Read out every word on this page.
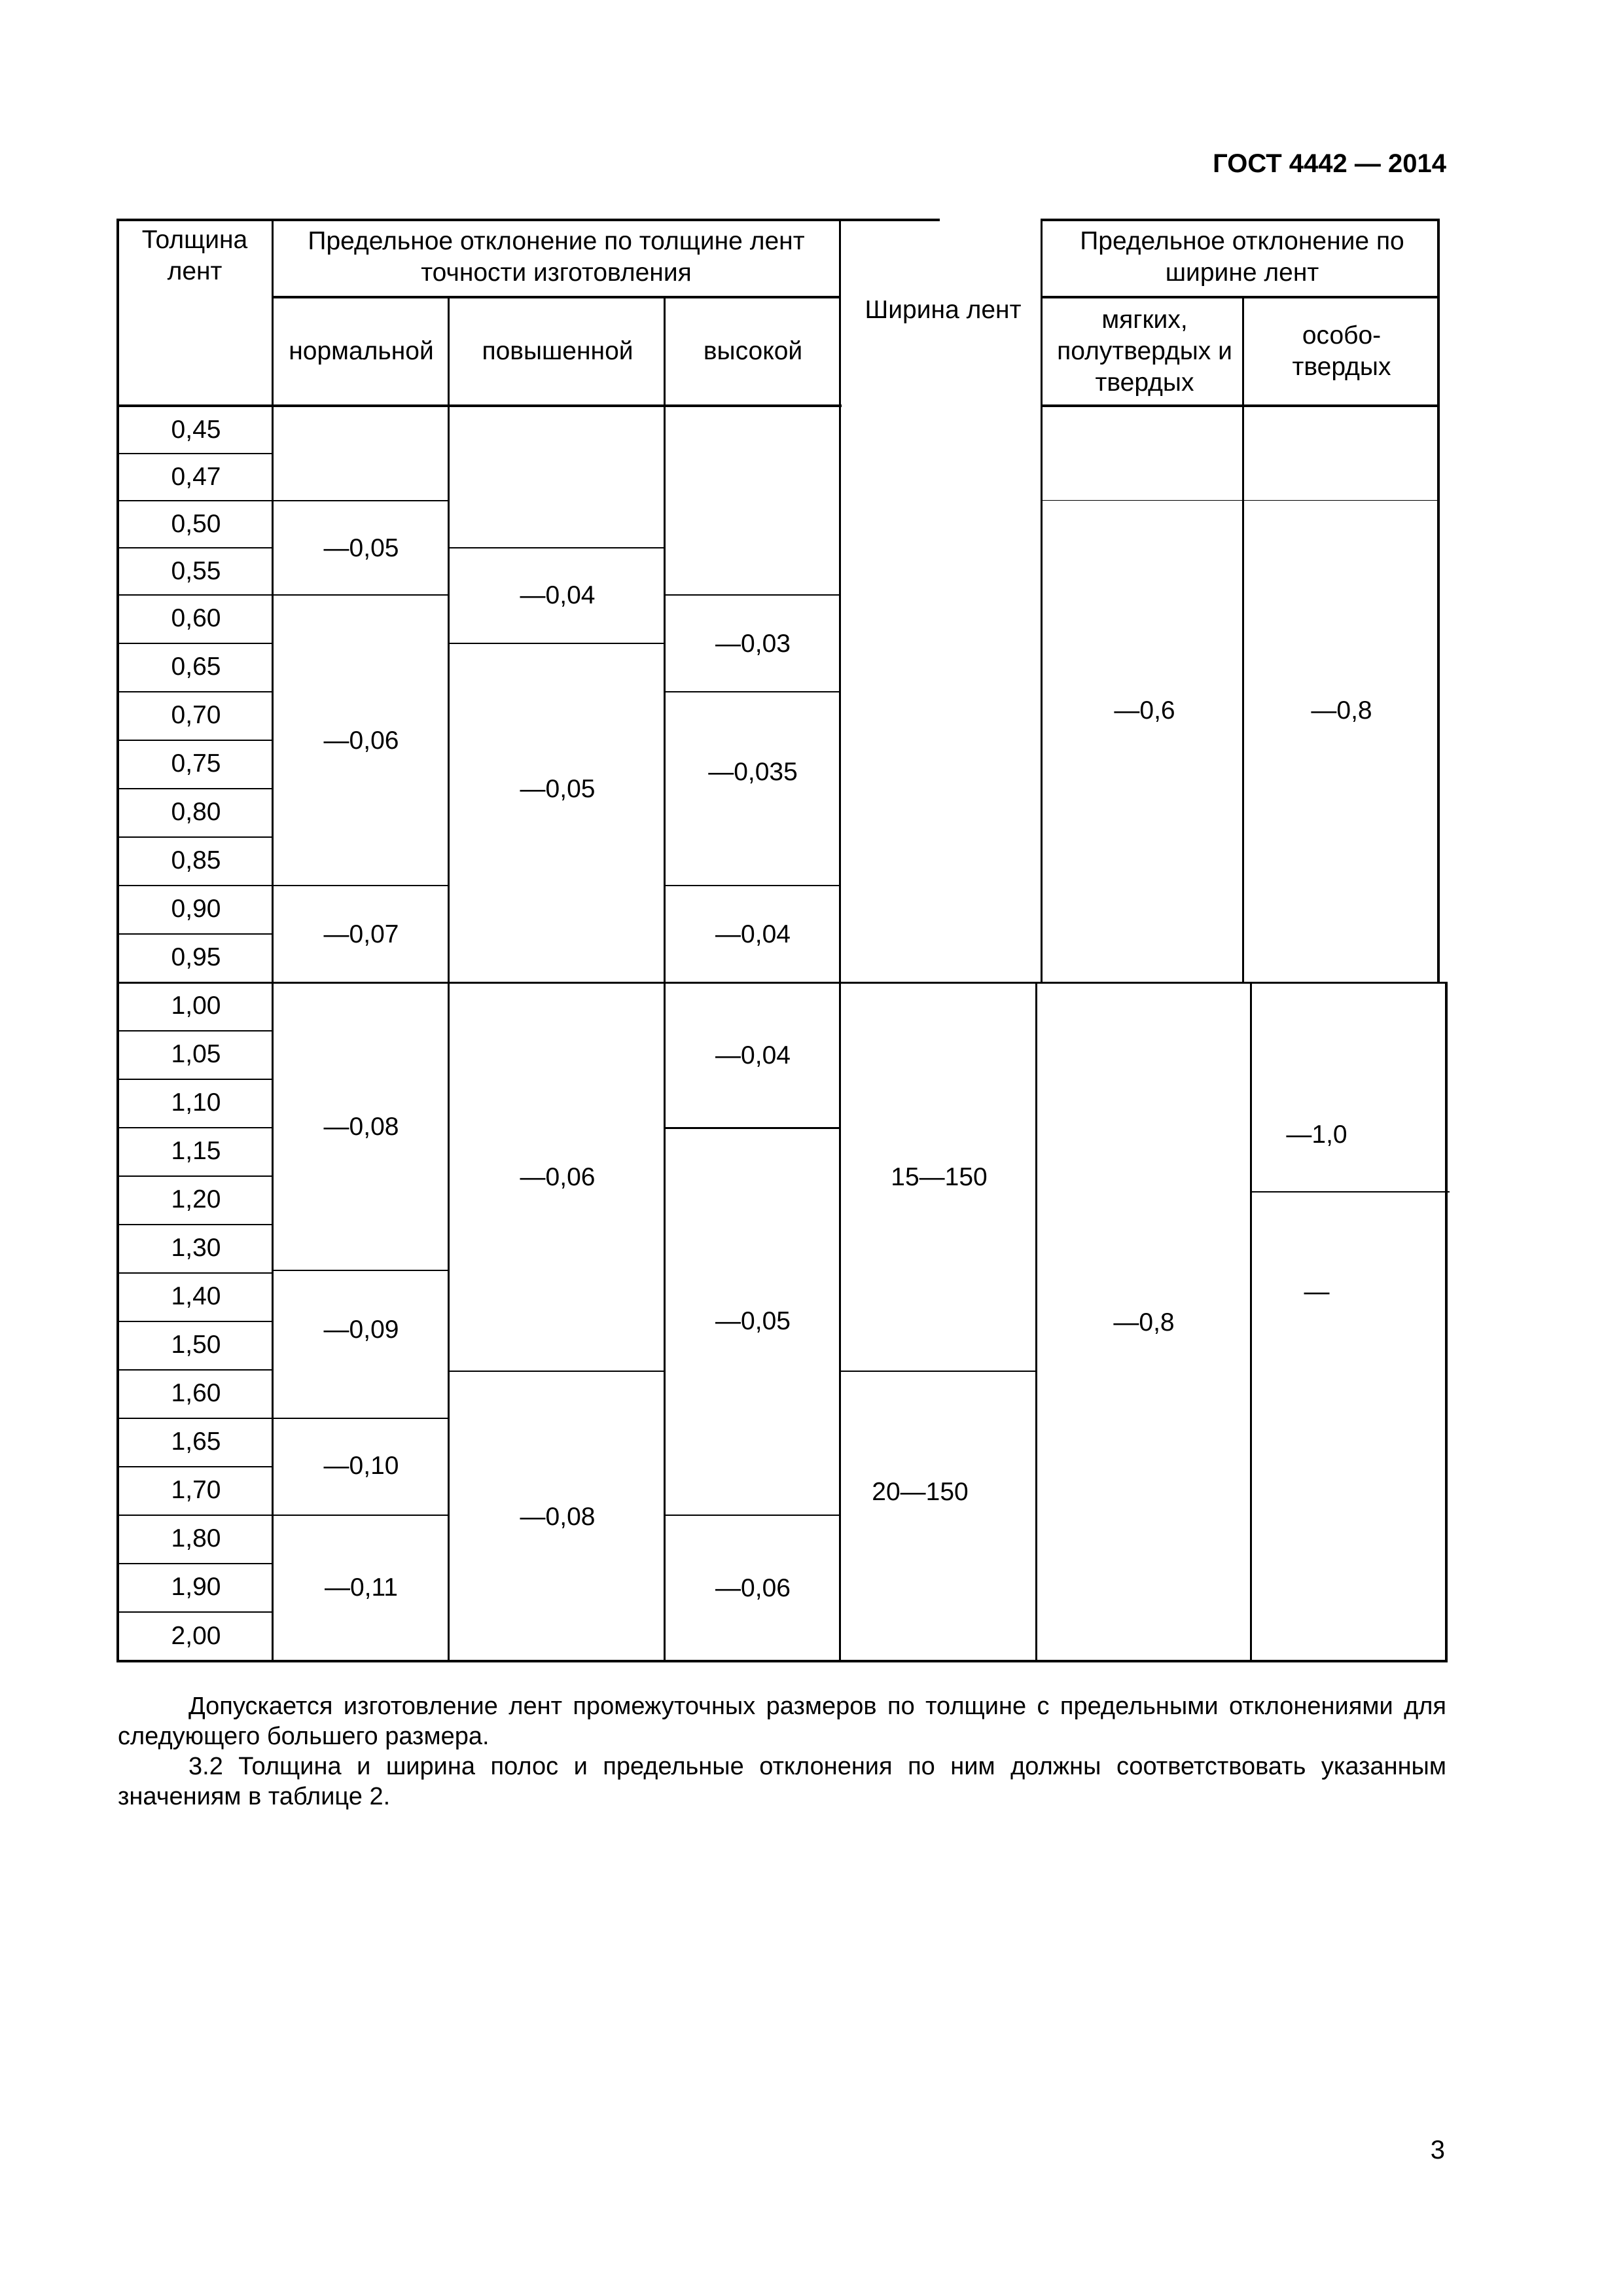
ГОСТ 4442 — 2014
Толщина лент
Предельное отклонение по толщине лент точности изготовления
нормальной	повышенной	высокой
Ширина лент
Предельное отклонение по ширине лент
мягких, полутвердых и твердых
особо-твердых
0,45
0,47
0,50
0,55
0,60
0,65
0,70
0,75
0,80
0,85
0,90
0,95
1,00
1,05
1,10
1,15
1,20
1,30
1,40
1,50
1,60
1,65
1,70
1,80
1,90
2,00
—0,05
—0,06
—0,07
—0,08
—0,09
—0,10
—0,11
—0,04
—0,05
—0,06
—0,08
—0,03
—0,035
—0,04
—0,04
—0,05
—0,06
15—150
20—150
—0,6
—0,8
—0,8
—1,0
—
Допускается изготовление лент промежуточных размеров по толщине с предельными отклонениями для следующего большего размера.
3.2 Толщина и ширина полос и предельные отклонения по ним должны соответствовать указанным значениям в таблице 2.
3
